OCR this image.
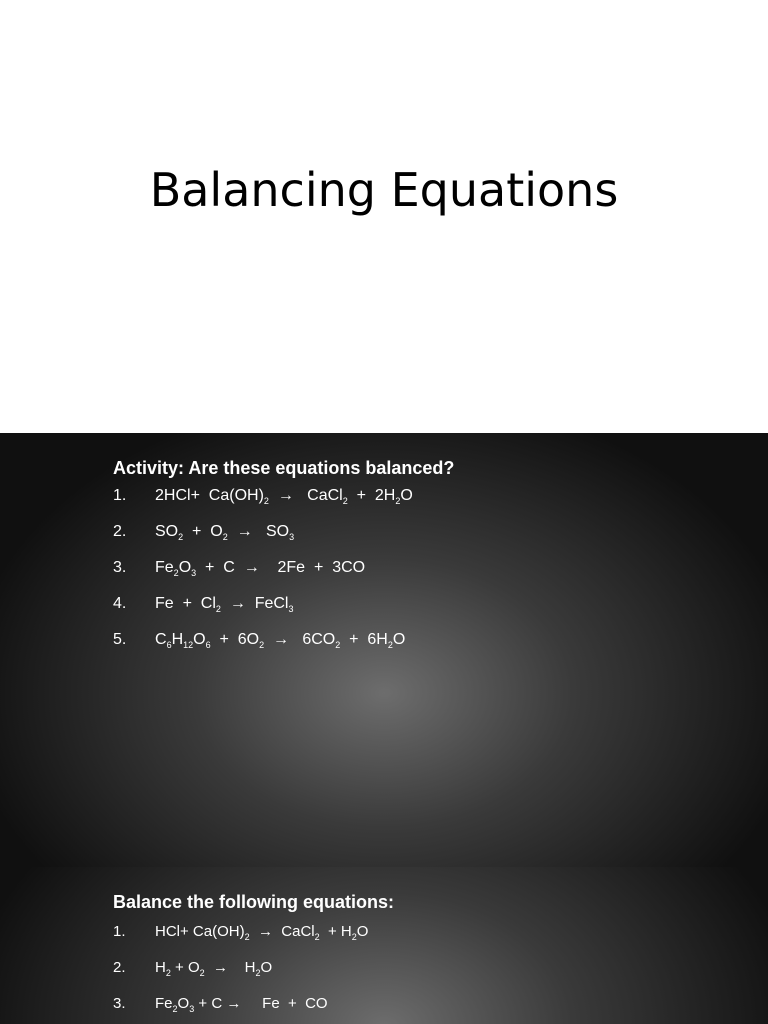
Balancing Equations

Activity: Are these equations balanced?

1.	$2HCl+ Ca(OH)_2$  →   CaCl$_2$  +  $2H_2O$
2.	$SO_2 + O_2 \to SO_3$
3.	$Fe_2O_3 + C$  →    2Fe  +  3CO
4.	$Fe + Cl_2$  →  FeCl$_3$
5.	$C_6H_{12}O_6 + 6O_2 \to 6CO_2 + 6H_2O$

Balance the following equations:

1.	$HCl+ Ca(OH)_2$  →  CaCl$_2$  + $H_2O$
2.	$H_2 + O_2$  →    $H_2O$
3.	$Fe_2O_3 + C$ →     Fe  +  CO
